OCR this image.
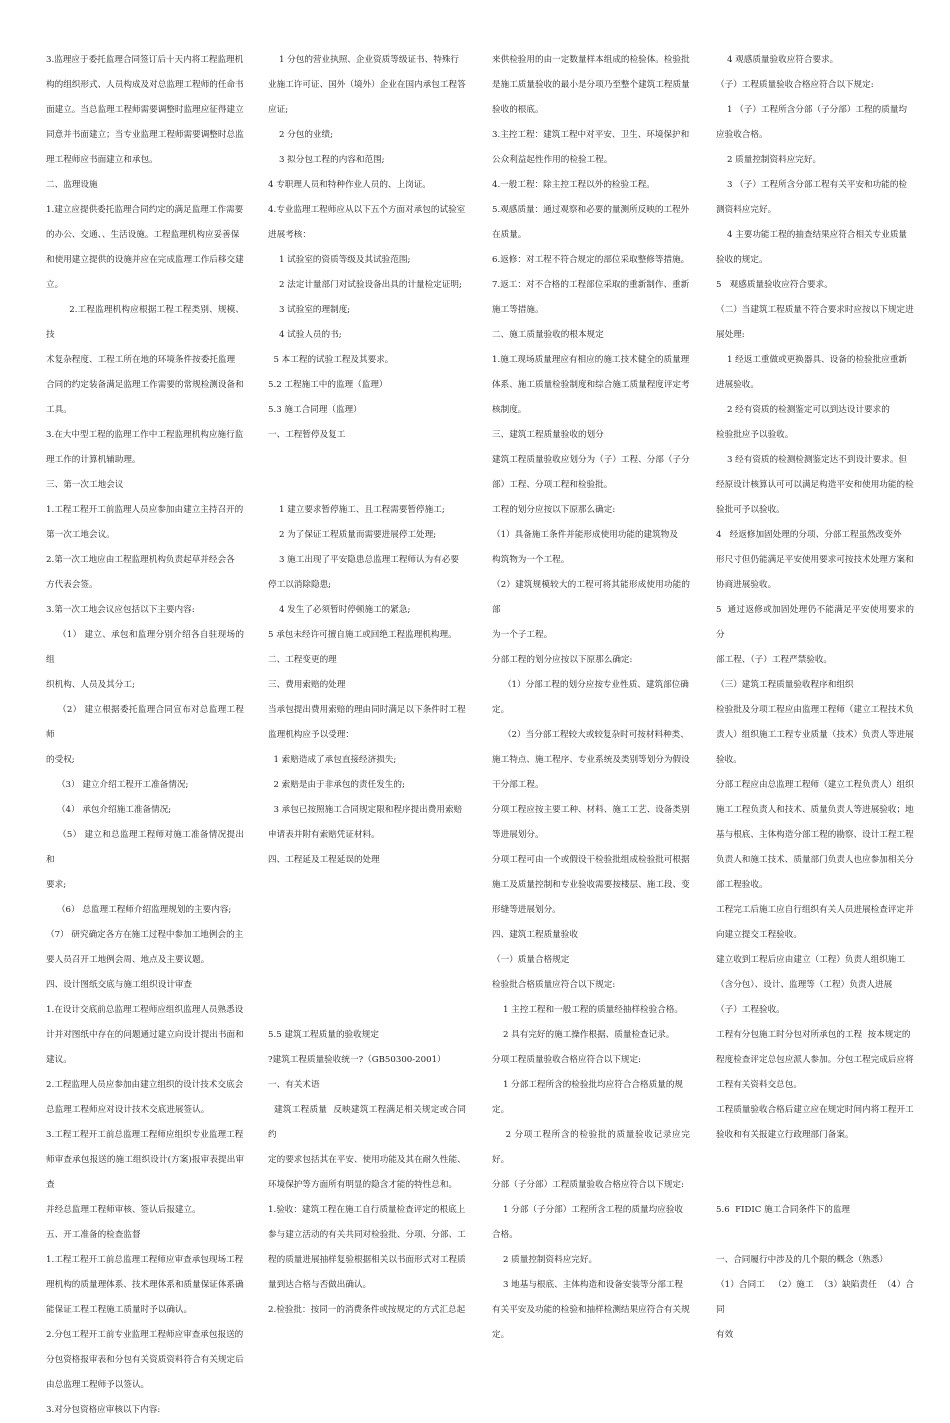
3.监理应于委托监理合同签订后十天内将工程监理机

构的组织形式、人员构成及对总监理工程师的任命书

面建立。当总监理工程师需要调整时监理应征得建立

同意并书面建立；当专业监理工程师需要调整时总监

理工程师应书面建立和承包。

二、监理设施

1.建立应提供委托监理合同约定的满足监理工作需要

的办公、交通、、生活设施。工程监理机构应妥善保

和使用建立提供的设施并应在完成监理工作后移交建

立。

2.工程监理机构应根据工程工程类别、规模、技

术复杂程度、工程工所在地的环境条件按委托监理

合同的约定装备满足监理工作需要的常规检测设备和

工具。

3.在大中型工程的监理工作中工程监理机构应施行监

理工作的计算机辅助理。

三、第一次工地会议

1.工程工程开工前监理人员应参加由建立主持召开的

第一次工地会议。

2.第一次工地应由工程监理机构负责起草并经会各

方代表会签。

3.第一次工地会议应包括以下主要内容:

（1） 建立、承包和监理分别介绍各自驻现场的组

织机构、人员及其分工;

（2） 建立根据委托监理合同宣布对总监理工程师

的受权;

（3） 建立介绍工程开工准备情况;

（4） 承包介绍施工准备情况;

（5） 建立和总监理工程师对施工准备情况提出和

要求;

（6） 总监理工程师介绍监理规划的主要内容;

（7） 研究确定各方在施工过程中参加工地例会的主

要人员召开工地例会周、地点及主要议题。

四、设计图纸交底与施工组织设计审查

1.在设计交底前总监理工程师应组织监理人员熟悉设

计并对图纸中存在的问题通过建立向设计提出书面和

建议。

2.工程监理人员应参加由建立组织的设计技术交底会

总监理工程师应对设计技术交底进展签认。

3.工程工程开工前总监理工程师应组织专业监理工程

师审查承包报送的施工组织设计(方案)报审表提出审查

并经总监理工程师审核、签认后报建立。

五、开工准备的检查监督

1.工程工程开工前总监理工程师应审查承包现场工程

理机构的质量理体系、技术理体系和质量保证体系确

能保证工程工程施工质量时予以确认。

2.分包工程开工前专业监理工程师应审查承包报送的

分包资格报审表和分包有关资质资料符合有关规定后

由总监理工程师予以签认。

3.对分包资格应审核以下内容:

1 分包的营业执照、企业资质等级证书、特殊行

业施工许可证、国外（境外）企业在国内承包工程答

应证;

2 分包的业绩;

3 拟分包工程的内容和范围;

4 专职理人员和特种作业人员的、上岗证。

4.专业监理工程师应从以下五个方面对承包的试验室

进展考核：

1 试验室的资质等级及其试验范围;

2 法定计量部门对试验设备出具的计量检定证明;

3 试验室的理制度;

4 试验人员的书;

5 本工程的试验工程及其要求。

5.2 工程施工中的监理（监理）

5.3 施工合同理（监理）

一、工程暂停及复工

1 建立要求暂停施工、且工程需要暂停施工;

2 为了保证工程质量而需要进展停工处理;

3 施工出现了平安隐患总监理工程师认为有必要

停工以消除隐患;

4 发生了必须暂时停顿施工的紧急;

5 承包未经许可擅自施工或回绝工程监理机构理。

二、工程变更的理

三、费用索赔的处理

当承包提出费用索赔的理由同时满足以下条件时工程

监理机构应予以受理：

1 索赔造成了承包直接经济损失;

2 索赔是由于非承包的责任发生的;

3 承包已按照施工合同规定限和程序提出费用索赔

申请表并附有索赔凭证材料。

四、工程延及工程延误的处理

5.5 建筑工程质量的验收规定

?建筑工程质量验收统一?（GB50300-2001）

一、有关术语

建筑工程质量  反映建筑工程满足相关规定或合同约

定的要求包括其在平安、使用功能及其在耐久性能、

环境保护等方面所有明显的隐含才能的特性总和。

1.验收：建筑工程在施工自行质量检查评定的根底上

参与建立活动的有关共同对检验批、分项、分部、工

程的质量进展抽样复验根据相关以书面形式对工程质

量到达合格与否做出确认。

2.检验批：按同一的消费条件或按规定的方式汇总起

来供检验用的由一定数量样本组成的检验体。检验批

是施工质量验收的最小是分项乃至整个建筑工程质量

验收的根底。

3.主控工程：建筑工程中对平安、卫生、环境保护和

公众利益起性作用的检验工程。

4.一般工程：除主控工程以外的检验工程。

5.观感质量：通过观察和必要的量测所反映的工程外

在质量。

6.返修：对工程不符合规定的部位采取整修等措施。

7.返工：对不合格的工程部位采取的重新制作、重新

施工等措施。

二、施工质量验收的根本规定

1.施工现场质量理应有相应的施工技术健全的质量理

体系、施工质量检验制度和综合施工质量程度评定考

核制度。

三、建筑工程质量验收的划分

建筑工程质量验收应划分为（子）工程、分部（子分

部）工程、分项工程和检验批。

工程的划分应按以下原那么确定:

（1）具备施工条件并能形成使用功能的建筑物及

构筑物为一个工程。

（2）建筑规模较大的工程可将其能形成使用功能的部

为一个子工程。

分部工程的划分应按以下原那么确定:

（1）分部工程的划分应按专业性质、建筑部位确

定。

（2）当分部工程较大或较复杂时可按材料种类、

施工特点、施工程序、专业系统及类别等划分为假设

干分部工程。

分项工程应按主要工种、材料、施工工艺、设备类别

等进展划分。

分项工程可由一个或假设干检验批组成检验批可根据

施工及质量控制和专业验收需要按楼层、施工段、变

形缝等进展划分。

四、建筑工程质量验收

（一）质量合格规定

检验批合格质量应符合以下规定:

1 主控工程和一般工程的质量经抽样检验合格。

2 具有完好的施工操作根据、质量检查记录。

分项工程质量验收合格应符合以下规定:

1 分部工程所含的检验批均应符合合格质量的规

定。

2 分项工程所含的检验批的质量验收记录应完好。

分部（子分部）工程质量验收合格应符合以下规定:

1 分部（子分部）工程所含工程的质量均应验收

合格。

2 质量控制资料应完好。

3 地基与根底、主体构造和设备安装等分部工程

有关平安及功能的检验和抽样检测结果应符合有关规

定。

4 观感质量验收应符合要求。

（子）工程质量验收合格应符合以下规定:

1 （子）工程所含分部（子分部）工程的质量均

应验收合格。

2 质量控制资料应完好。

3 （子）工程所含分部工程有关平安和功能的检

测资料应完好。

4 主要功能工程的抽查结果应符合相关专业质量

验收的规定。

5   观感质量验收应符合要求。

（二）当建筑工程质量不符合要求时应按以下规定进

展处理:

1 经返工重做或更换器具、设备的检验批应重新

进展验收。

2 经有资质的检测鉴定可以到达设计要求的

检验批应予以验收。

3 经有资质的检测检测鉴定达不到设计要求。但

经原设计核算认可可以满足构造平安和使用功能的检

验批可予以验收。

4   经返修加固处理的分项、分部工程虽然改变外

形尺寸但仍能满足平安使用要求可按技术处理方案和

协商进展验收。

5  通过返修或加固处理仍不能满足平安使用要求的分

部工程、（子）工程严禁验收。

（三）建筑工程质量验收程序和组织

检验批及分项工程应由监理工程师（建立工程技术负

责人）组织施工工程专业质量（技术）负责人等进展

验收。

分部工程应由总监理工程师（建立工程负责人）组织

施工工程负责人和技术、质量负责人等进展验收；地

基与根底、主体构造分部工程的勘察、设计工程工程

负责人和施工技术、质量部门负责人也应参加相关分

部工程验收。

工程完工后施工应自行组织有关人员进展检查评定并

向建立提交工程验收。

建立收到工程后应由建立（工程）负责人组织施工

（含分包）、设计、监理等（工程）负责人进展

（子）工程验收。

工程有分包施工时分包对所承包的工程  按本规定的

程度检查评定总包应派人参加。分包工程完成后应将

工程有关资料交总包。

工程质量验收合格后建立应在规定时间内将工程开工

验收和有关报建立行政理部门备案。

5.6  FIDIC 施工合同条件下的监理

一、合同履行中涉及的几个限的概念（熟悉）

（1）合同工   （2）施工  （3）缺陷责任  （4）合同

有效
